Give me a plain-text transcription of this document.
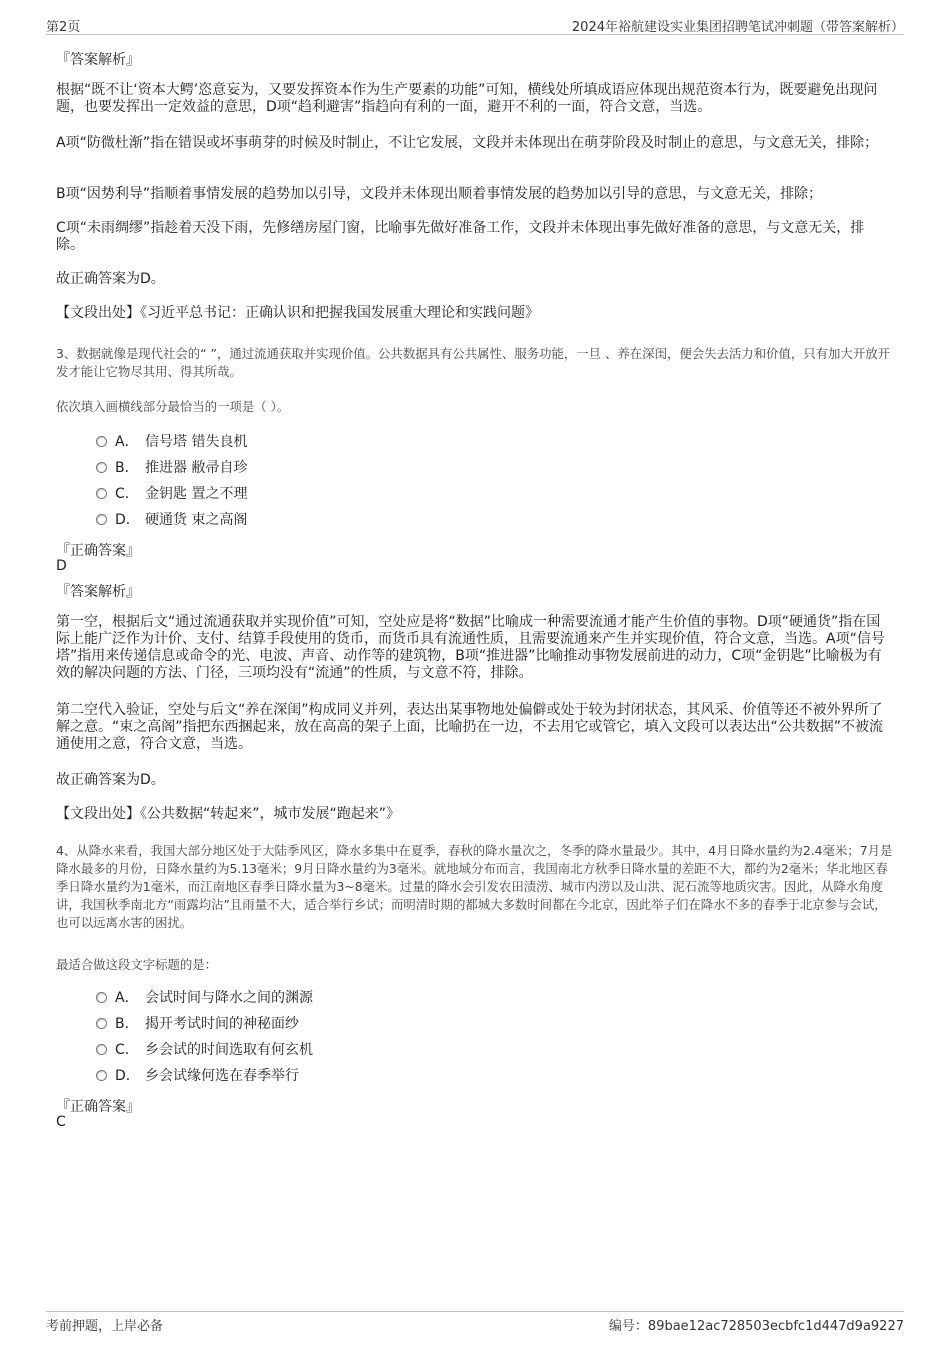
第2页	2024年裕航建设实业集团招聘笔试冲刺题（带答案解析）
『答案解析』
根据“既不让‘资本大鳄’恣意妄为，又要发挥资本作为生产要素的功能”可知，横线处所填成语应体现出规范资本行为，既要避免出现问题，也要发挥出一定效益的意思，D项“趋利避害”指趋向有利的一面，避开不利的一面，符合文意，当选。
A项“防微杜渐”指在错误或坏事萌芽的时候及时制止，不让它发展，文段并未体现出在萌芽阶段及时制止的意思，与文意无关，排除；
B项“因势利导”指顺着事情发展的趋势加以引导，文段并未体现出顺着事情发展的趋势加以引导的意思，与文意无关，排除；
C项“未雨绸缪”指趁着天没下雨，先修缮房屋门窗，比喻事先做好准备工作，文段并未体现出事先做好准备的意思，与文意无关，排除。
故正确答案为D。
【文段出处】《习近平总书记：正确认识和把握我国发展重大理论和实践问题》
3、数据就像是现代社会的“ ”，通过流通获取并实现价值。公共数据具有公共属性、服务功能，一旦 、养在深闺，便会失去活力和价值，只有加大开放开发才能让它物尽其用、得其所哉。
依次填入画横线部分最恰当的一项是（ ）。
A． 信号塔 错失良机
B． 推进器 敝帚自珍
C． 金钥匙 置之不理
D． 硬通货 束之高阁
『正确答案』
D
『答案解析』
第一空，根据后文“通过流通获取并实现价值”可知，空处应是将“数据”比喻成一种需要流通才能产生价值的事物。D项“硬通货”指在国际上能广泛作为计价、支付、结算手段使用的货币，而货币具有流通性质，且需要流通来产生并实现价值，符合文意，当选。A项“信号塔”指用来传递信息或命令的光、电波、声音、动作等的建筑物，B项“推进器”比喻推动事物发展前进的动力，C项“金钥匙”比喻极为有效的解决问题的方法、门径，三项均没有“流通”的性质，与文意不符，排除。
第二空代入验证，空处与后文“养在深闺”构成同义并列，表达出某事物地处偏僻或处于较为封闭状态，其风采、价值等还不被外界所了解之意。“束之高阁”指把东西捆起来，放在高高的架子上面，比喻扔在一边，不去用它或管它，填入文段可以表达出“公共数据”不被流通使用之意，符合文意，当选。
故正确答案为D。
【文段出处】《公共数据“转起来”，城市发展“跑起来”》
4、从降水来看，我国大部分地区处于大陆季风区，降水多集中在夏季，春秋的降水量次之，冬季的降水量最少。其中，4月日降水量约为2.4毫米；7月是降水最多的月份，日降水量约为5.13毫米；9月日降水量约为3毫米。就地域分布而言，我国南北方秋季日降水量的差距不大，都约为2毫米；华北地区春季日降水量约为1毫米，而江南地区春季日降水量为3~8毫米。过量的降水会引发农田渍涝、城市内涝以及山洪、泥石流等地质灾害。因此，从降水角度讲，我国秋季南北方“雨露均沾”且雨量不大，适合举行乡试；而明清时期的都城大多数时间都在今北京，因此举子们在降水不多的春季于北京参与会试，也可以远离水害的困扰。
最适合做这段文字标题的是：
A． 会试时间与降水之间的渊源
B． 揭开考试时间的神秘面纱
C． 乡会试的时间选取有何玄机
D． 乡会试缘何选在春季举行
『正确答案』
C
考前押题，上岸必备	编号：89bae12ac728503ecbfc1d447d9a9227
